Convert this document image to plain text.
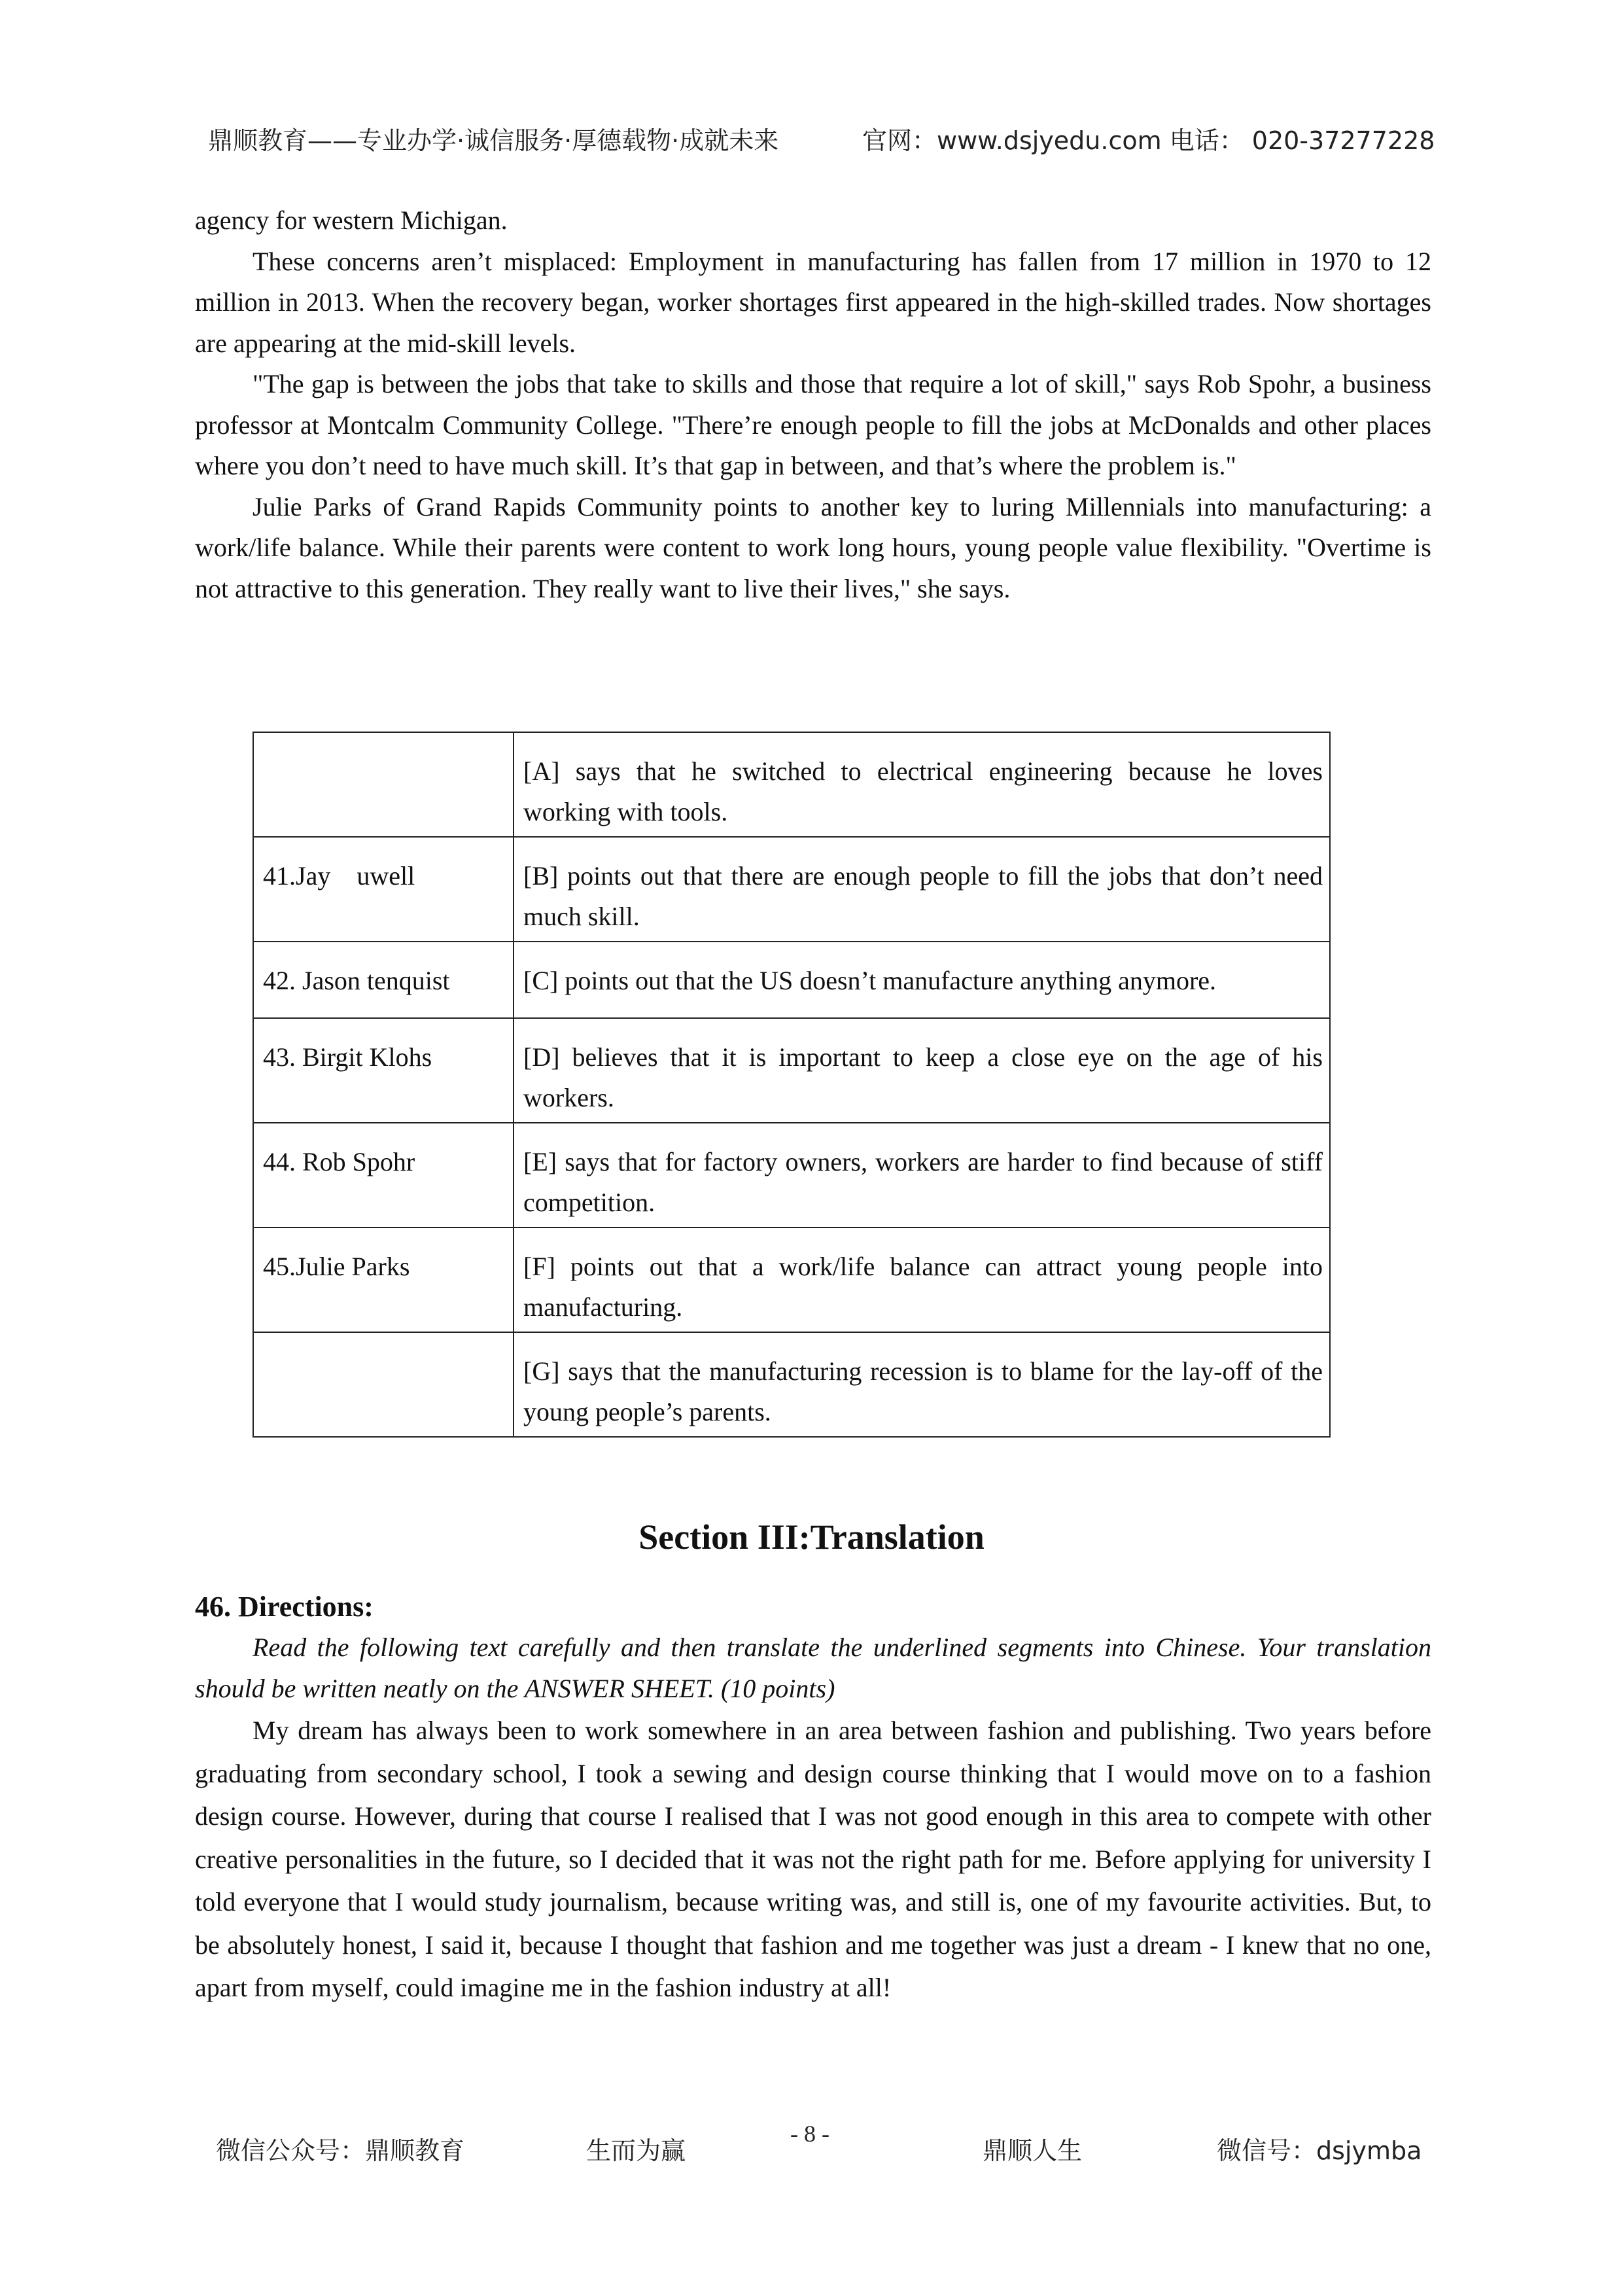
鼎顺教育——专业办学·诚信服务·厚德载物·成就未来	官网：www.dsjyedu.com 电话： 020-37277228

agency for western Michigan.

These concerns aren’t misplaced: Employment in manufacturing has fallen from 17 million in 1970 to 12 million in 2013. When the recovery began, worker shortages first appeared in the high-skilled trades. Now shortages are appearing at the mid-skill levels.

"The gap is between the jobs that take to skills and those that require a lot of skill," says Rob Spohr, a business professor at Montcalm Community College. "There’re enough people to fill the jobs at McDonalds and other places where you don’t need to have much skill. It’s that gap in between, and that’s where the problem is."

Julie Parks of Grand Rapids Community points to another key to luring Millennials into manufacturing: a work/life balance. While their parents were content to work long hours, young people value flexibility. "Overtime is not attractive to this generation. They really want to live their lives," she says.

	[A] says that he switched to electrical engineering because he loves working with tools.
41.Jay　uwell	[B] points out that there are enough people to fill the jobs that don’t need much skill.
42. Jason tenquist	[C] points out that the US doesn’t manufacture anything anymore.
43. Birgit Klohs	[D] believes that it is important to keep a close eye on the age of his workers.
44. Rob Spohr	[E] says that for factory owners, workers are harder to find because of stiff competition.
45.Julie Parks	[F] points out that a work/life balance can attract young people into manufacturing.
	[G] says that the manufacturing recession is to blame for the lay-off of the young people’s parents.
Section III:Translation

46. Directions:

Read the following text carefully and then translate the underlined segments into Chinese. Your translation should be written neatly on the ANSWER SHEET. (10 points)

My dream has always been to work somewhere in an area between fashion and publishing. Two years before graduating from secondary school, I took a sewing and design course thinking that I would move on to a fashion design course. However, during that course I realised that I was not good enough in this area to compete with other creative personalities in the future, so I decided that it was not the right path for me. Before applying for university I told everyone that I would study journalism, because writing was, and still is, one of my favourite activities. But, to be absolutely honest, I said it, because I thought that fashion and me together was just a dream - I knew that no one, apart from myself, could imagine me in the fashion industry at all!

微信公众号：鼎顺教育	生而为赢
- 8 -
鼎顺人生	微信号：dsjymba
